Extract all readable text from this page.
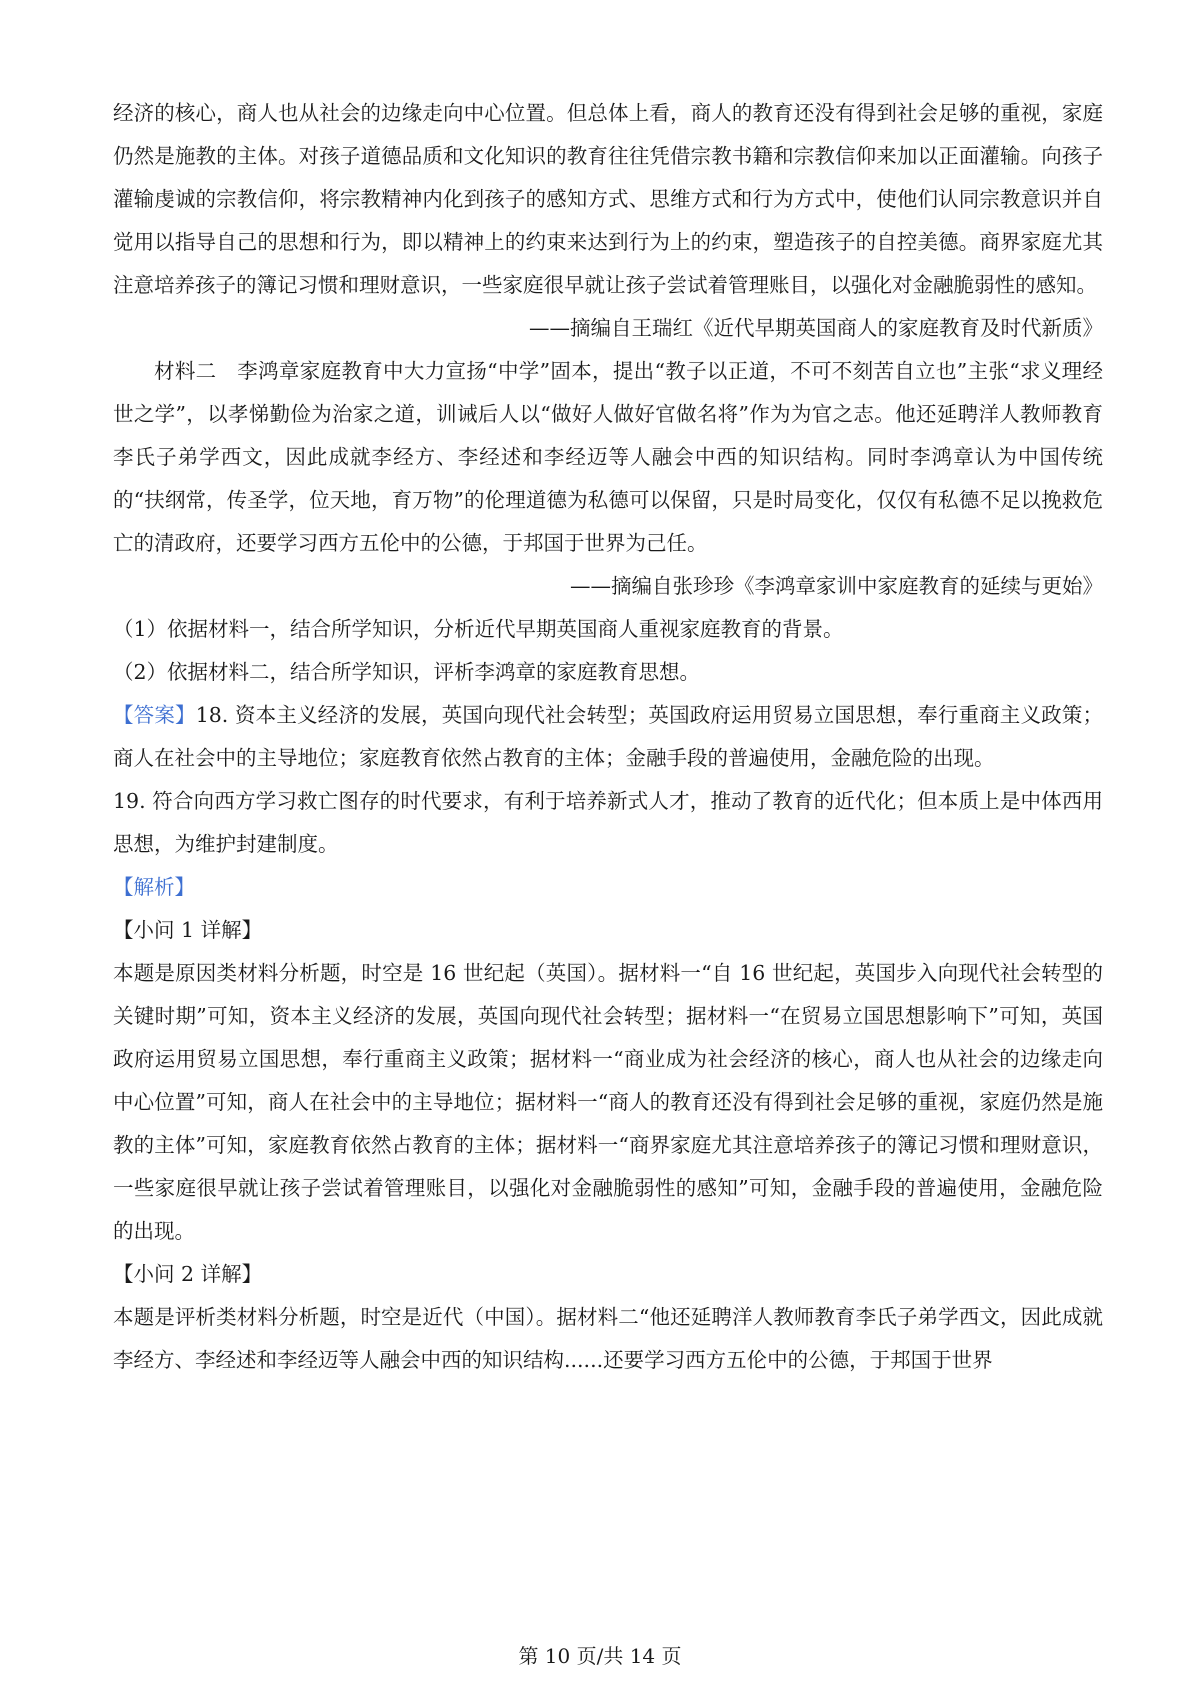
经济的核心，商人也从社会的边缘走向中心位置。但总体上看，商人的教育还没有得到社会足够的重视，家庭仍然是施教的主体。对孩子道德品质和文化知识的教育往往凭借宗教书籍和宗教信仰来加以正面灌输。向孩子灌输虔诚的宗教信仰，将宗教精神内化到孩子的感知方式、思维方式和行为方式中，使他们认同宗教意识并自觉用以指导自己的思想和行为，即以精神上的约束来达到行为上的约束，塑造孩子的自控美德。商界家庭尤其注意培养孩子的簿记习惯和理财意识，一些家庭很早就让孩子尝试着管理账目，以强化对金融脆弱性的感知。

——摘编自王瑞红《近代早期英国商人的家庭教育及时代新质》

材料二　李鸿章家庭教育中大力宣扬“中学”固本，提出“教子以正道，不可不刻苦自立也”主张“求义理经世之学”，以孝悌勤俭为治家之道，训诫后人以“做好人做好官做名将”作为为官之志。他还延聘洋人教师教育李氏子弟学西文，因此成就李经方、李经述和李经迈等人融会中西的知识结构。同时李鸿章认为中国传统的“扶纲常，传圣学，位天地，育万物”的伦理道德为私德可以保留，只是时局变化，仅仅有私德不足以挽救危亡的清政府，还要学习西方五伦中的公德，于邦国于世界为己任。

——摘编自张珍珍《李鸿章家训中家庭教育的延续与更始》

（1）依据材料一，结合所学知识，分析近代早期英国商人重视家庭教育的背景。

（2）依据材料二，结合所学知识，评析李鸿章的家庭教育思想。

【答案】18. 资本主义经济的发展，英国向现代社会转型；英国政府运用贸易立国思想，奉行重商主义政策；商人在社会中的主导地位；家庭教育依然占教育的主体；金融手段的普遍使用，金融危险的出现。

19. 符合向西方学习救亡图存的时代要求，有利于培养新式人才，推动了教育的近代化；但本质上是中体西用思想，为维护封建制度。

【解析】

【小问 1 详解】

本题是原因类材料分析题，时空是 16 世纪起（英国）。据材料一“自 16 世纪起，英国步入向现代社会转型的关键时期”可知，资本主义经济的发展，英国向现代社会转型；据材料一“在贸易立国思想影响下”可知，英国政府运用贸易立国思想，奉行重商主义政策；据材料一“商业成为社会经济的核心，商人也从社会的边缘走向中心位置”可知，商人在社会中的主导地位；据材料一“商人的教育还没有得到社会足够的重视，家庭仍然是施教的主体”可知，家庭教育依然占教育的主体；据材料一“商界家庭尤其注意培养孩子的簿记习惯和理财意识，一些家庭很早就让孩子尝试着管理账目，以强化对金融脆弱性的感知”可知，金融手段的普遍使用，金融危险的出现。

【小问 2 详解】

本题是评析类材料分析题，时空是近代（中国）。据材料二“他还延聘洋人教师教育李氏子弟学西文，因此成就李经方、李经述和李经迈等人融会中西的知识结构......还要学习西方五伦中的公德，于邦国于世界

第 10 页/共 14 页
